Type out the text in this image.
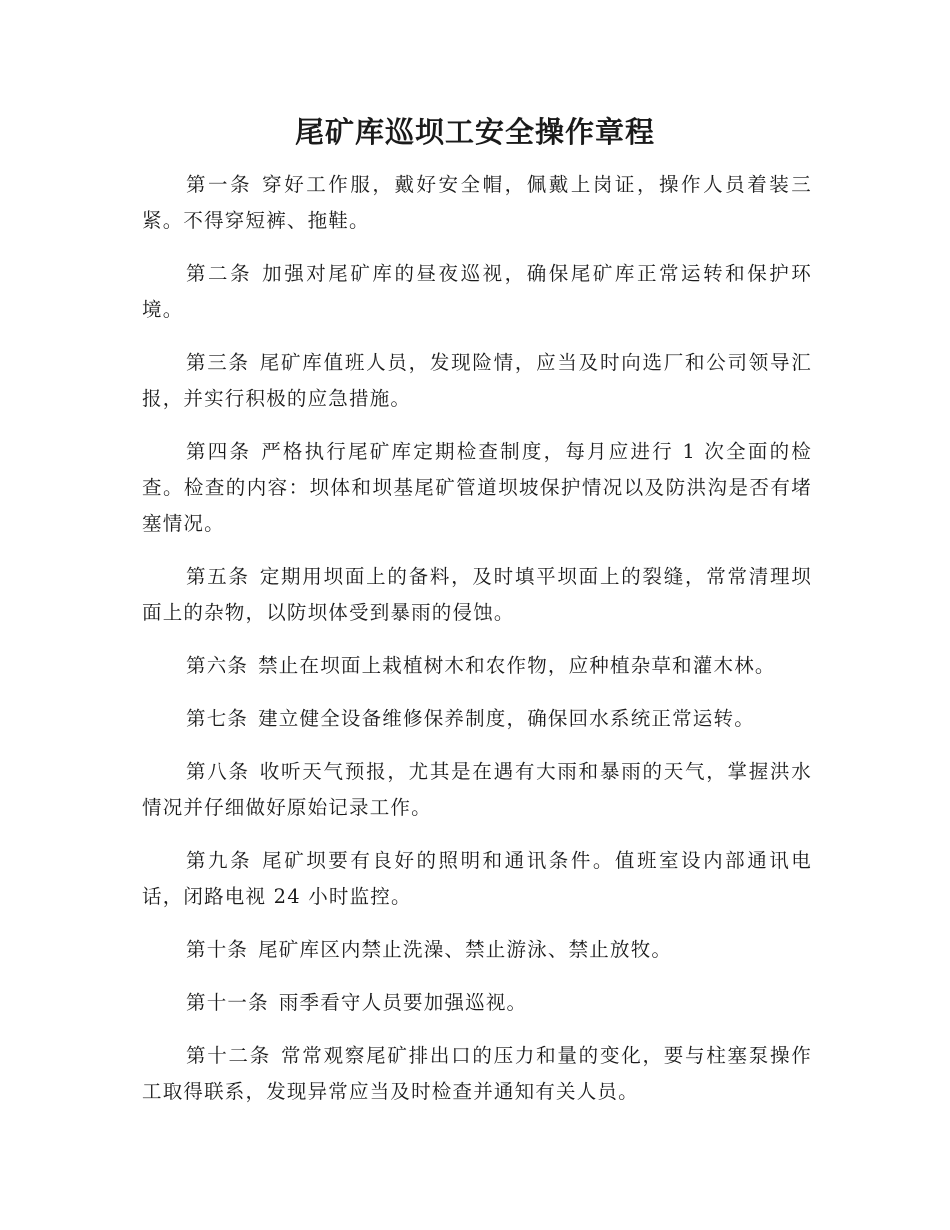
尾矿库巡坝工安全操作章程

第一条 穿好工作服，戴好安全帽，佩戴上岗证，操作人员着装三紧。不得穿短裤、拖鞋。

第二条 加强对尾矿库的昼夜巡视，确保尾矿库正常运转和保护环境。

第三条 尾矿库值班人员，发现险情，应当及时向选厂和公司领导汇报，并实行积极的应急措施。

第四条 严格执行尾矿库定期检查制度，每月应进行 1 次全面的检查。检查的内容：坝体和坝基尾矿管道坝坡保护情况以及防洪沟是否有堵塞情况。

第五条 定期用坝面上的备料，及时填平坝面上的裂缝，常常清理坝面上的杂物，以防坝体受到暴雨的侵蚀。

第六条 禁止在坝面上栽植树木和农作物，应种植杂草和灌木林。

第七条 建立健全设备维修保养制度，确保回水系统正常运转。

第八条 收听天气预报，尤其是在遇有大雨和暴雨的天气，掌握洪水情况并仔细做好原始记录工作。

第九条 尾矿坝要有良好的照明和通讯条件。值班室设内部通讯电话，闭路电视 24 小时监控。

第十条 尾矿库区内禁止洗澡、禁止游泳、禁止放牧。

第十一条 雨季看守人员要加强巡视。

第十二条 常常观察尾矿排出口的压力和量的变化，要与柱塞泵操作工取得联系，发现异常应当及时检查并通知有关人员。
